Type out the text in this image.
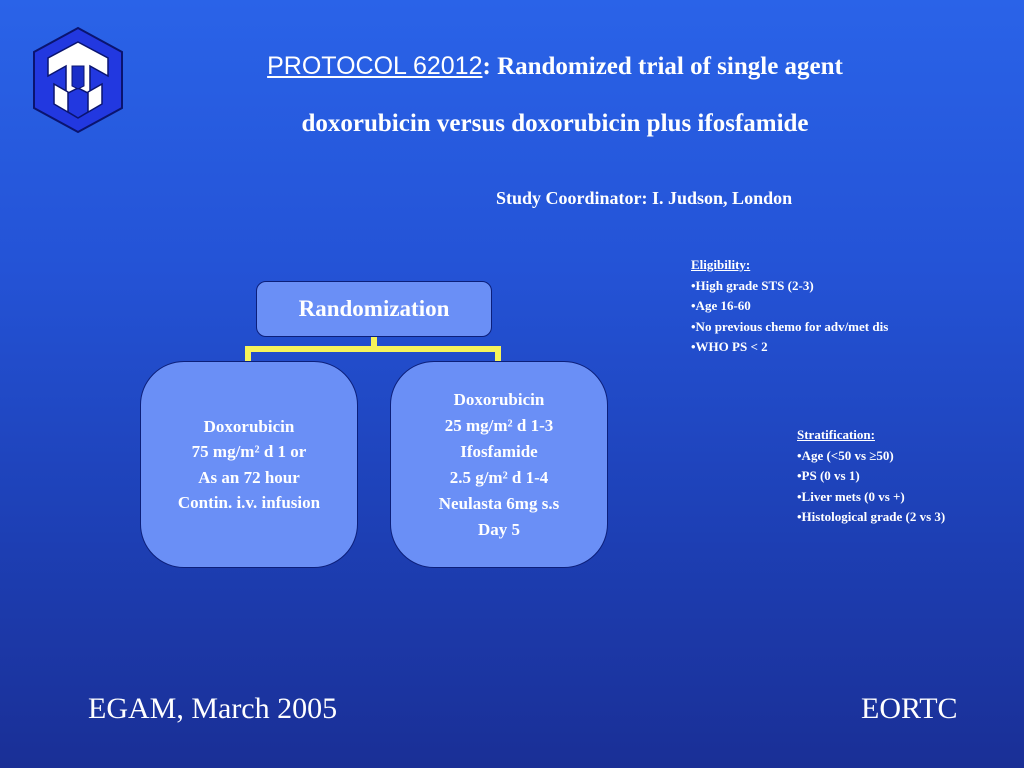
PROTOCOL 62012: Randomized trial of single agent
doxorubicin versus doxorubicin plus ifosfamide
Study Coordinator: I. Judson, London
Randomization
Doxorubicin
75 mg/m² d 1 or
As an 72 hour
Contin. i.v. infusion
Doxorubicin
25 mg/m² d 1-3
Ifosfamide
2.5 g/m² d 1-4
Neulasta 6mg s.s
Day 5
Eligibility:
•High grade STS (2-3)
•Age 16-60
•No previous chemo for adv/met dis
•WHO PS < 2
Stratification:
•Age (<50 vs ≥50)
•PS (0 vs 1)
•Liver mets (0 vs +)
•Histological grade (2 vs 3)
EGAM, March 2005	EORTC
